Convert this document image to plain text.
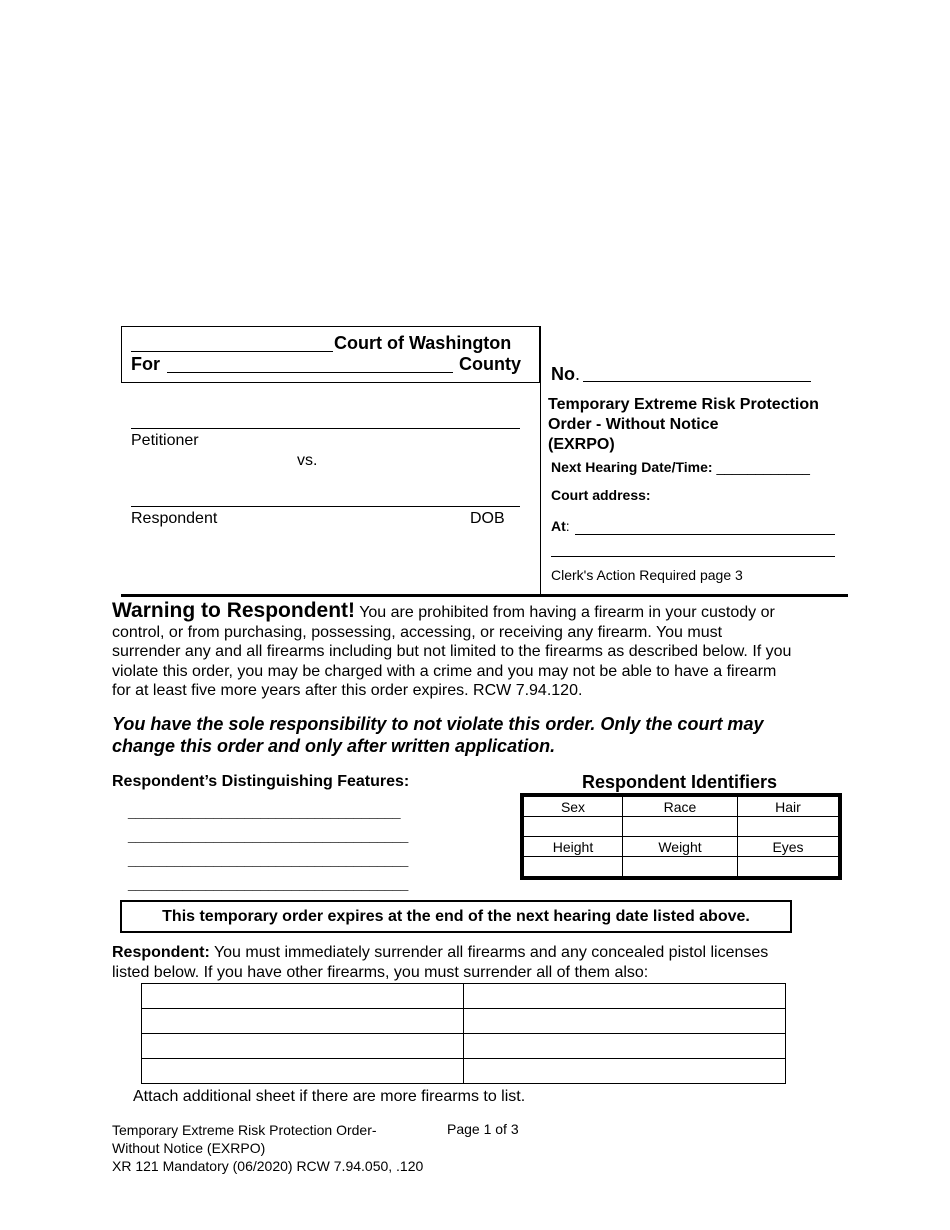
Court of Washington
For	County
Petitioner
vs.
Respondent	DOB
No.
Temporary Extreme Risk Protection
Order - Without Notice
(EXRPO)
Next Hearing Date/Time: ____________
Court address:
At:
Clerk's Action Required page 3
Warning to Respondent! You are prohibited from having a firearm in your custody or
control, or from purchasing, possessing, accessing, or receiving any firearm. You must
surrender any and all firearms including but not limited to the firearms as described below. If you
violate this order, you may be charged with a crime and you may not be able to have a firearm
for at least five more years after this order expires. RCW 7.94.120.
You have the sole responsibility to not violate this order. Only the court may
change this order and only after written application.
Respondent’s Distinguishing Features:
___________________________________
____________________________________
____________________________________
____________________________________
Respondent Identifiers
Sex	Race	Hair

Height	Weight	Eyes

This temporary order expires at the end of the next hearing date listed above.
Respondent: You must immediately surrender all firearms and any concealed pistol licenses
listed below. If you have other firearms, you must surrender all of them also:

Attach additional sheet if there are more firearms to list.
Temporary Extreme Risk Protection Order-
Without Notice (EXRPO)
XR 121 Mandatory (06/2020) RCW 7.94.050, .120
Page 1 of 3
